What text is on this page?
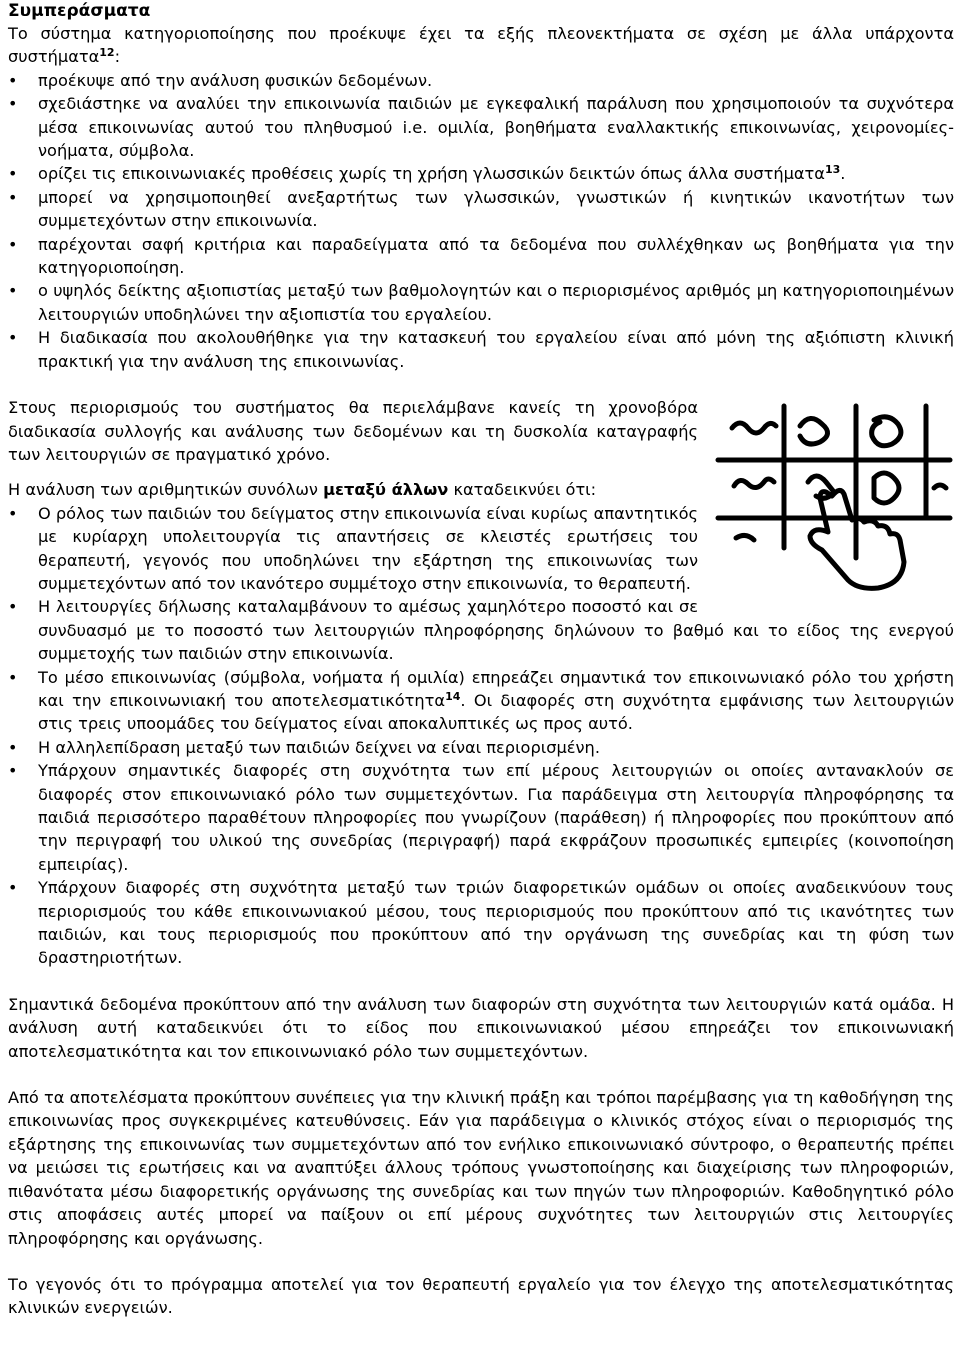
Συμπεράσματα

Το σύστημα κατηγοριοποίησης που προέκυψε έχει τα εξής πλεονεκτήματα σε σχέση με άλλα υπάρχοντα συστήματα$^{12}$:

• προέκυψε από την ανάλυση φυσικών δεδομένων.
• σχεδιάστηκε να αναλύει την επικοινωνία παιδιών με εγκεφαλική παράλυση που χρησιμοποιούν τα συχνότερα μέσα επικοινωνίας αυτού του πληθυσμού i.e. ομιλία, βοηθήματα εναλλακτικής επικοινωνίας, χειρονομίες-νοήματα, σύμβολα.
• ορίζει τις επικοινωνιακές προθέσεις χωρίς τη χρήση γλωσσικών δεικτών όπως άλλα συστήματα$^{13}$.
• μπορεί να χρησιμοποιηθεί ανεξαρτήτως των γλωσσικών, γνωστικών ή κινητικών ικανοτήτων των συμμετεχόντων στην επικοινωνία.
• παρέχονται σαφή κριτήρια και παραδείγματα από τα δεδομένα που συλλέχθηκαν ως βοηθήματα για την κατηγοριοποίηση.
• ο υψηλός δείκτης αξιοπιστίας μεταξύ των βαθμολογητών και ο περιορισμένος αριθμός μη κατηγοριοποιημένων λειτουργιών υποδηλώνει την αξιοπιστία του εργαλείου.
• Η διαδικασία που ακολουθήθηκε για την κατασκευή του εργαλείου είναι από μόνη της αξιόπιστη κλινική πρακτική για την ανάλυση της επικοινωνίας.

Στους περιορισμούς του συστήματος θα περιελάμβανε κανείς τη χρονοβόρα διαδικασία συλλογής και ανάλυσης των δεδομένων και τη δυσκολία καταγραφής των λειτουργιών σε πραγματικό χρόνο.

Η ανάλυση των αριθμητικών συνόλων μεταξύ άλλων καταδεικνύει ότι:

• Ο ρόλος των παιδιών του δείγματος στην επικοινωνία είναι κυρίως απαντητικός με κυρίαρχη υπολειτουργία τις απαντήσεις σε κλειστές ερωτήσεις του θεραπευτή, γεγονός που υποδηλώνει την εξάρτηση της επικοινωνίας των συμμετεχόντων από τον ικανότερο συμμέτοχο στην επικοινωνία, το θεραπευτή.
• Η λειτουργίες δήλωσης καταλαμβάνουν το αμέσως χαμηλότερο ποσοστό και σε συνδυασμό με το ποσοστό των λειτουργιών πληροφόρησης δηλώνουν το βαθμό και το είδος της ενεργού συμμετοχής των παιδιών στην επικοινωνία.
• Το μέσο επικοινωνίας (σύμβολα, νοήματα ή ομιλία) επηρεάζει σημαντικά τον επικοινωνιακό ρόλο του χρήστη και την επικοινωνιακή του αποτελεσματικότητα$^{14}$. Οι διαφορές στη συχνότητα εμφάνισης των λειτουργιών στις τρεις υποομάδες του δείγματος είναι αποκαλυπτικές ως προς αυτό.
• Η αλληλεπίδραση μεταξύ των παιδιών δείχνει να είναι περιορισμένη.
• Υπάρχουν σημαντικές διαφορές στη συχνότητα των επί μέρους λειτουργιών οι οποίες αντανακλούν σε διαφορές στον επικοινωνιακό ρόλο των συμμετεχόντων. Για παράδειγμα στη λειτουργία πληροφόρησης τα παιδιά περισσότερο παραθέτουν πληροφορίες που γνωρίζουν (παράθεση) ή πληροφορίες που προκύπτουν από την περιγραφή του υλικού της συνεδρίας (περιγραφή) παρά εκφράζουν προσωπικές εμπειρίες (κοινοποίηση εμπειρίας).
• Υπάρχουν διαφορές στη συχνότητα μεταξύ των τριών διαφορετικών ομάδων οι οποίες αναδεικνύουν τους περιορισμούς του κάθε επικοινωνιακού μέσου, τους περιορισμούς που προκύπτουν από τις ικανότητες των παιδιών, και τους περιορισμούς που προκύπτουν από την οργάνωση της συνεδρίας και τη φύση των δραστηριοτήτων.

Σημαντικά δεδομένα προκύπτουν από την ανάλυση των διαφορών στη συχνότητα των λειτουργιών κατά ομάδα. Η ανάλυση αυτή καταδεικνύει ότι το είδος που επικοινωνιακού μέσου επηρεάζει τον επικοινωνιακή αποτελεσματικότητα και τον επικοινωνιακό ρόλο των συμμετεχόντων.

Από τα αποτελέσματα προκύπτουν συνέπειες για την κλινική πράξη και τρόποι παρέμβασης για τη καθοδήγηση της επικοινωνίας προς συγκεκριμένες κατευθύνσεις. Εάν για παράδειγμα ο κλινικός στόχος είναι ο περιορισμός της εξάρτησης της επικοινωνίας των συμμετεχόντων από τον ενήλικο επικοινωνιακό σύντροφο, ο θεραπευτής πρέπει να μειώσει τις ερωτήσεις και να αναπτύξει άλλους τρόπους γνωστοποίησης και διαχείρισης των πληροφοριών, πιθανότατα μέσω διαφορετικής οργάνωσης της συνεδρίας και των πηγών των πληροφοριών. Καθοδηγητικό ρόλο στις αποφάσεις αυτές μπορεί να παίξουν οι επί μέρους συχνότητες των λειτουργιών στις λειτουργίες πληροφόρησης και οργάνωσης.

Το γεγονός ότι το πρόγραμμα αποτελεί για τον θεραπευτή εργαλείο για τον έλεγχο της αποτελεσματικότητας κλινικών ενεργειών.
